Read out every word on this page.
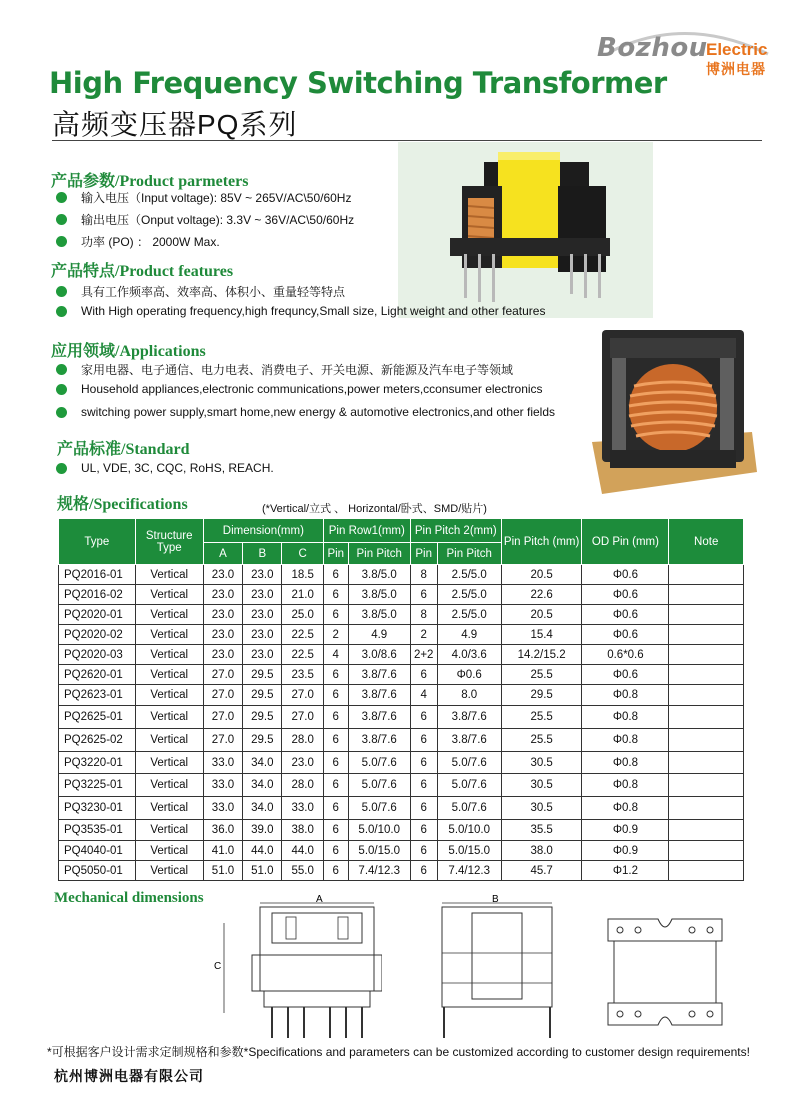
Bozhou
Electric
博洲电器
High Frequency Switching Transformer
高频变压器PQ系列
产品参数/Product parmeters
输入电压（Input voltage): 85V ~ 265V/AC\50/60Hz
输出电压（Onput voltage): 3.3V ~ 36V/AC\50/60Hz
功率 (PO) ： 2000W Max.
产品特点/Product features
具有工作频率高、效率高、体积小、重量轻等特点
With High operating frequency,high frequncy,Small size, Light weight and other features
应用领域/Applications
家用电器、电子通信、电力电表、消费电子、开关电源、新能源及汽车电子等领域
Household appliances,electronic communications,power meters,cconsumer electronics
switching power supply,smart home,new energy & automotive electronics,and other fields
产品标准/Standard
UL, VDE, 3C, CQC, RoHS, REACH.
规格/Specifications	(*Vertical/立式 、 Horizontal/卧式、SMD/贴片)
Type	Structure Type	Dimension(mm)			Pin Row1(mm)		Pin Pitch 2(mm)		Pin Pitch (mm)	OD Pin (mm)	Note
		A	B	C	Pin	Pin Pitch	Pin	Pin Pitch			
PQ2016-01	Vertical	23.0	23.0	18.5	6	3.8/5.0	8	2.5/5.0	20.5	Φ0.6	
PQ2016-02	Vertical	23.0	23.0	21.0	6	3.8/5.0	6	2.5/5.0	22.6	Φ0.6	
PQ2020-01	Vertical	23.0	23.0	25.0	6	3.8/5.0	8	2.5/5.0	20.5	Φ0.6	
PQ2020-02	Vertical	23.0	23.0	22.5	2	4.9	2	4.9	15.4	Φ0.6	
PQ2020-03	Vertical	23.0	23.0	22.5	4	3.0/8.6	2+2	4.0/3.6	14.2/15.2	0.6*0.6	
PQ2620-01	Vertical	27.0	29.5	23.5	6	3.8/7.6	6	Φ0.6	25.5	Φ0.6	
PQ2623-01	Vertical	27.0	29.5	27.0	6	3.8/7.6	4	8.0	29.5	Φ0.8	
PQ2625-01	Vertical	27.0	29.5	27.0	6	3.8/7.6	6	3.8/7.6	25.5	Φ0.8	
PQ2625-02	Vertical	27.0	29.5	28.0	6	3.8/7.6	6	3.8/7.6	25.5	Φ0.8	
PQ3220-01	Vertical	33.0	34.0	23.0	6	5.0/7.6	6	5.0/7.6	30.5	Φ0.8	
PQ3225-01	Vertical	33.0	34.0	28.0	6	5.0/7.6	6	5.0/7.6	30.5	Φ0.8	
PQ3230-01	Vertical	33.0	34.0	33.0	6	5.0/7.6	6	5.0/7.6	30.5	Φ0.8	
PQ3535-01	Vertical	36.0	39.0	38.0	6	5.0/10.0	6	5.0/10.0	35.5	Φ0.9	
PQ4040-01	Vertical	41.0	44.0	44.0	6	5.0/15.0	6	5.0/15.0	38.0	Φ0.9	
PQ5050-01	Vertical	51.0	51.0	55.0	6	7.4/12.3	6	7.4/12.3	45.7	Φ1.2	
Mechanical dimensions	A
C
B
*可根据客户设计需求定制规格和参数*Specifications and parameters can be customized according to customer design requirements!
杭州博洲电器有限公司
